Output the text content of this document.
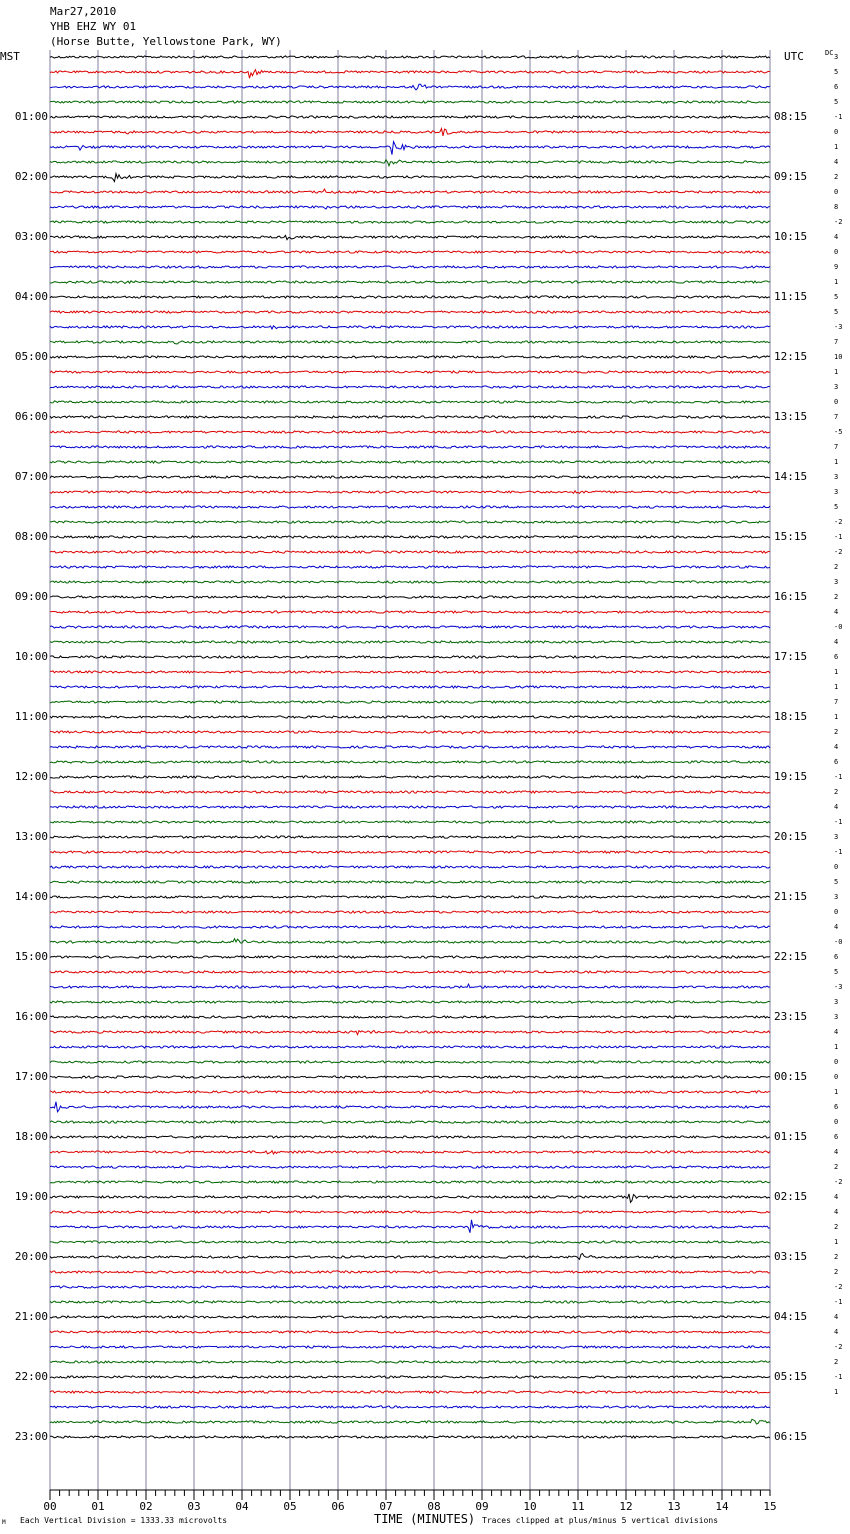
Mar27,2010
YHB EHZ WY 01
(Horse Butte, Yellowstone Park, WY)
MST	UTC	DC
00	01	02	03	04	05	06	07	08	09	10	11	12	13	14	15
01:00
02:00
03:00
04:00
05:00
06:00
07:00
08:00
09:00
10:00
11:00
12:00
13:00
14:00
15:00
16:00
17:00
18:00
19:00
20:00
21:00
22:00
23:00
08:15
09:15
10:15
11:15
12:15
13:15
14:15
15:15
16:15
17:15
18:15
19:15
20:15
21:15
22:15
23:15
00:15
01:15
02:15
03:15
04:15
05:15
06:15
3
5
6
5
-1
0
1
4
2
0
8
-2
4
0
9
1
5
5
-3
7
10
1
3
0
7
-5
7
1
3
3
5
-2
-1
-2
2
3
2
4
-0
4
6
1
1
7
1
2
4
6
-1
2
4
-1
3
-1
0
5
3
0
4
-0
6
5
-3
3
3
4
1
0
0
1
6
0
6
4
2
-2
4
4
2
1
2
2
-2
-1
4
4
-2
2
-1
1
M Each Vertical Division = 1333.33 microvolts	TIME (MINUTES) Traces clipped at plus/minus 5 vertical divisions
